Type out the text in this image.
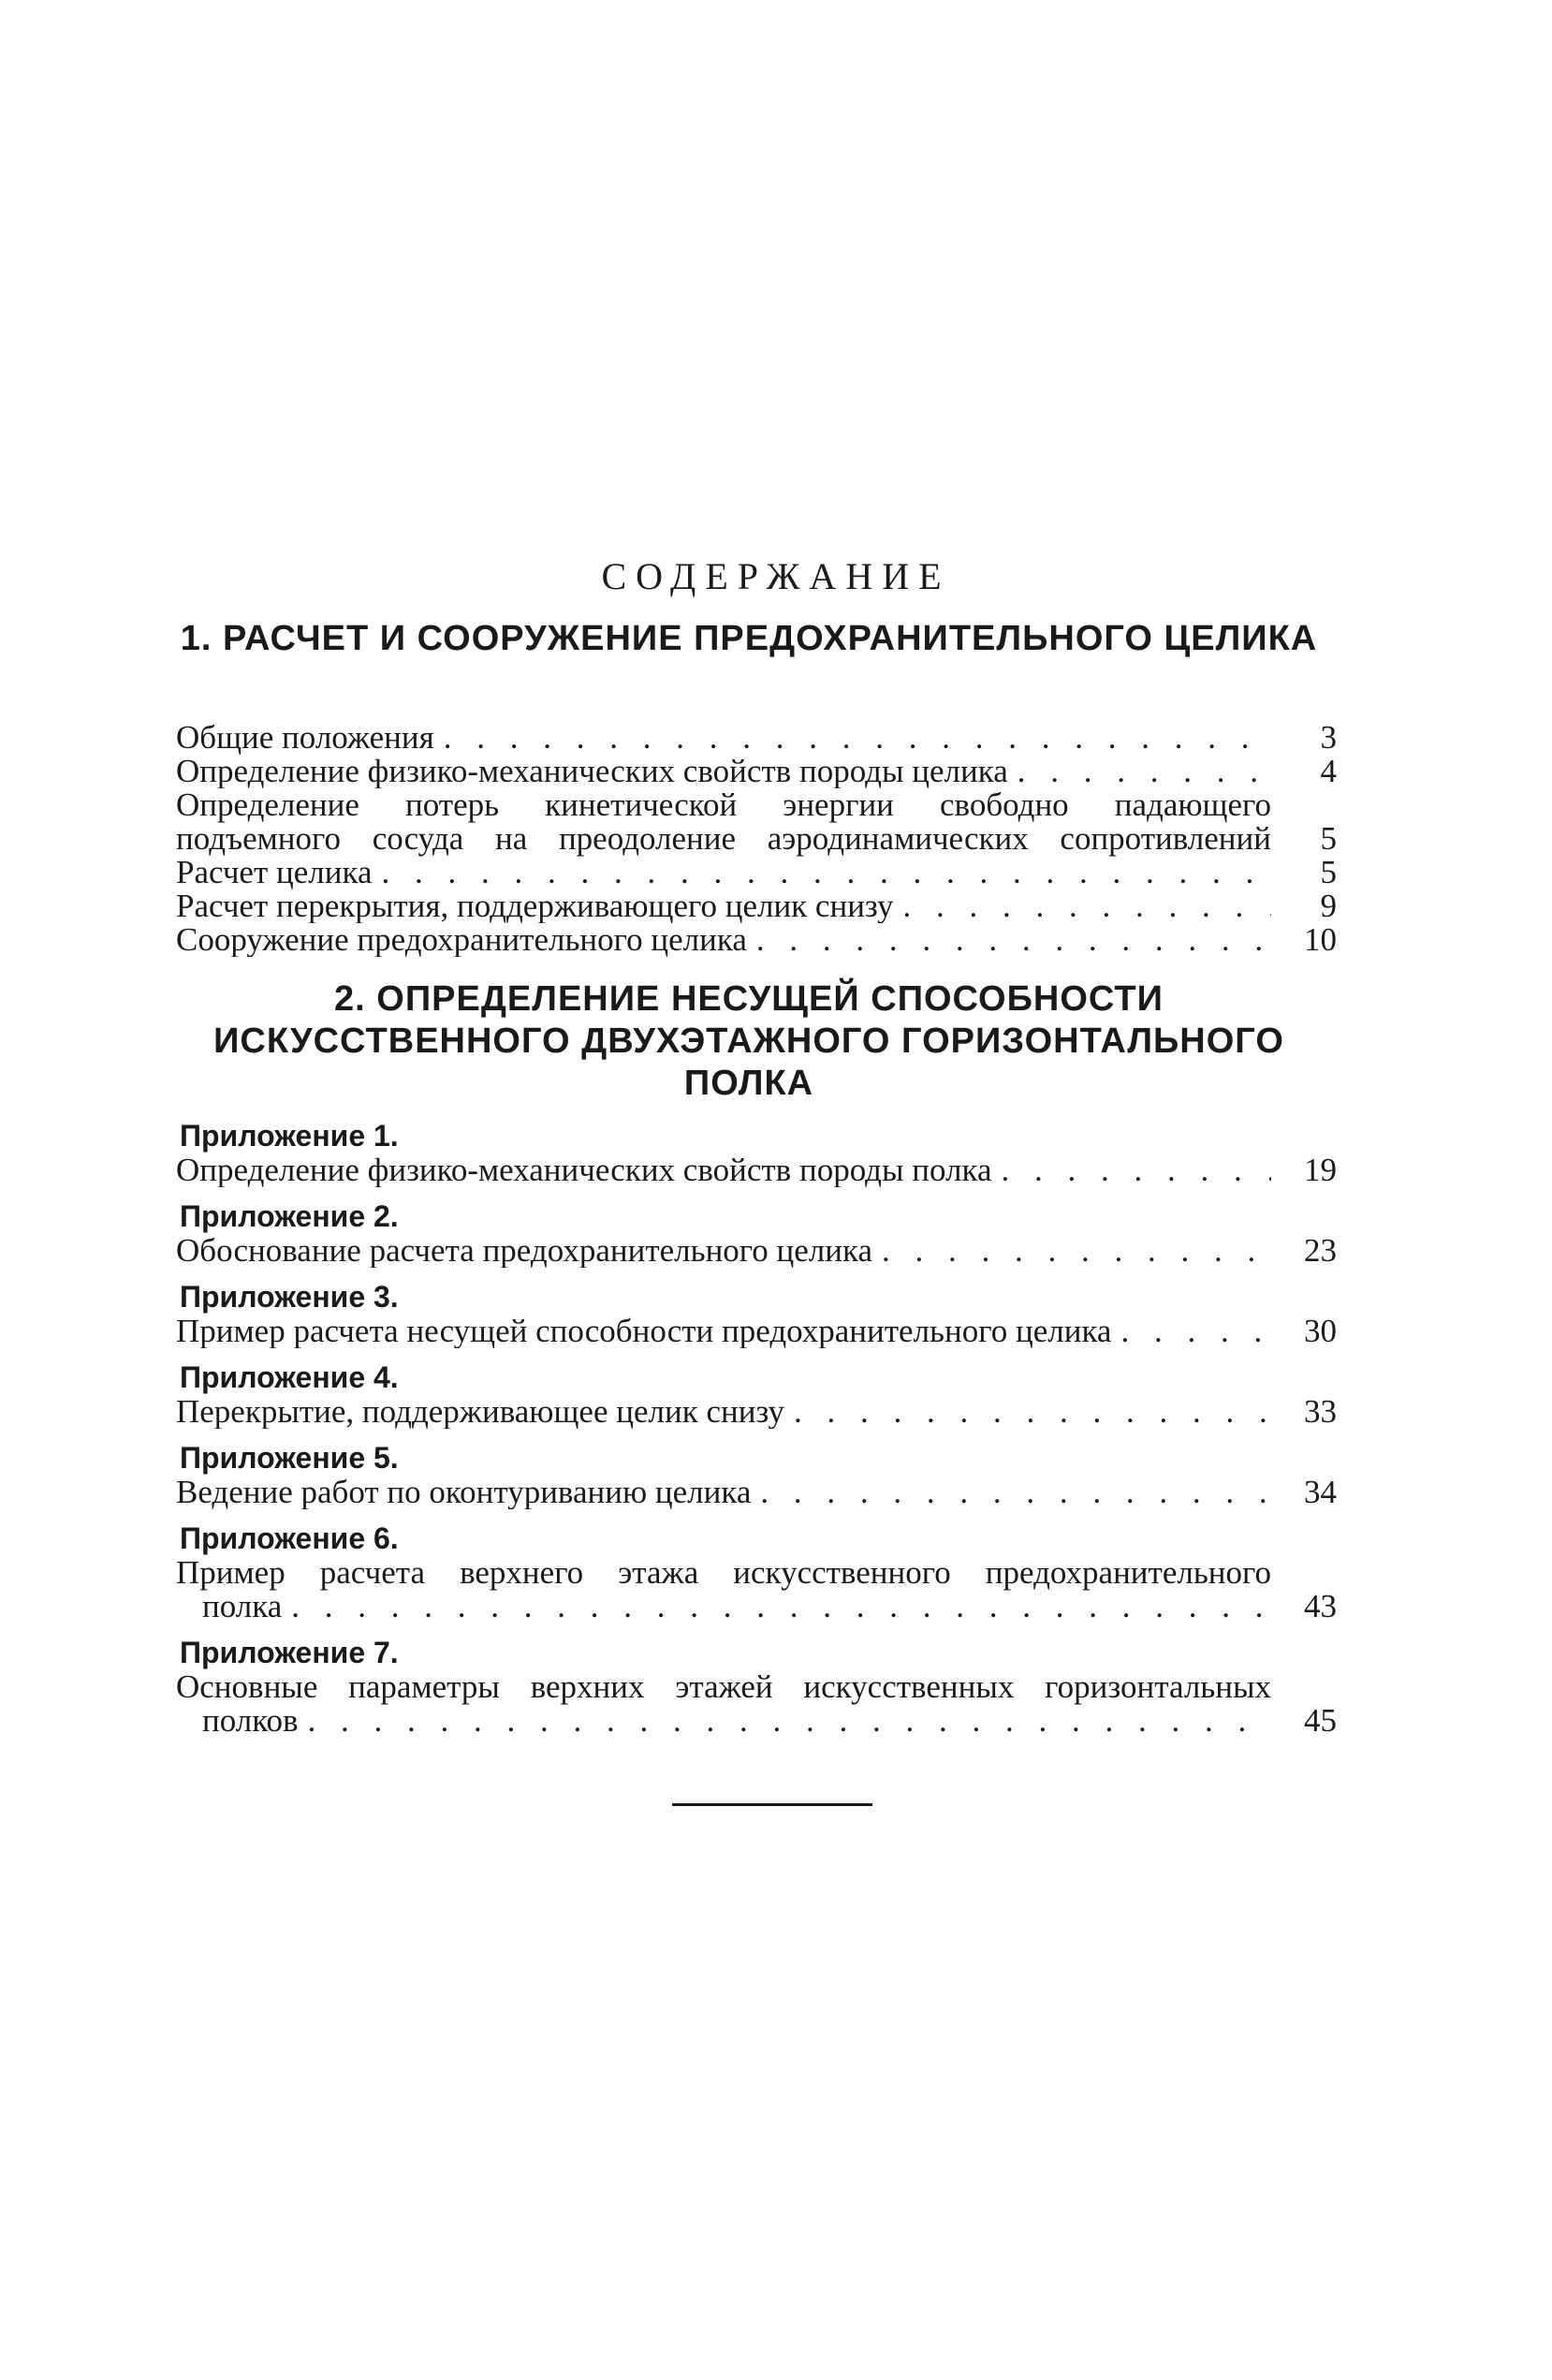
СОДЕРЖАНИЕ
1. РАСЧЕТ И СООРУЖЕНИЕ ПРЕДОХРАНИТЕЛЬНОГО ЦЕЛИКА
Общие положения . . .	3
Определение физико-механических свойств породы целика . . .	4
Определение потерь кинетической энергии свободно падающего
подъемного сосуда на преодоление аэродинамических сопротивлений	5
Расчет целика . . .	5
Расчет перекрытия, поддерживающего целик снизу . . .	9
Сооружение предохранительного целика . . .	10
2. ОПРЕДЕЛЕНИЕ НЕСУЩЕЙ СПОСОБНОСТИ ИСКУССТВЕННОГО ДВУХЭТАЖНОГО ГОРИЗОНТАЛЬНОГО ПОЛКА
Приложение 1.
Определение физико-механических свойств породы полка . . .	19
Приложение 2.
Обоснование расчета предохранительного целика . . .	23
Приложение 3.
Пример расчета несущей способности предохранительного целика . . .	30
Приложение 4.
Перекрытие, поддерживающее целик снизу . . .	33
Приложение 5.
Ведение работ по оконтуриванию целика . . .	34
Приложение 6.
Пример расчета верхнего этажа искусственного предохранительного
полка . . .	43
Приложение 7.
Основные параметры верхних этажей искусственных горизонтальных
полков . . .	45
